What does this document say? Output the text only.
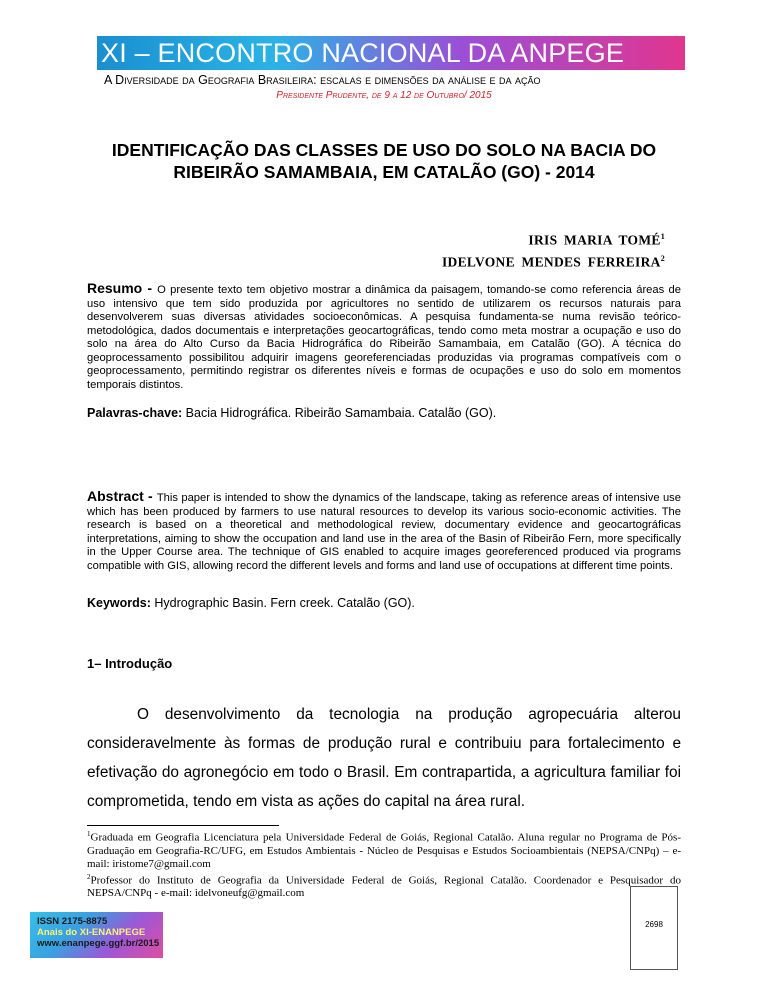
XI – ENCONTRO NACIONAL DA ANPEGE
A Diversidade da Geografia Brasileira: escalas e dimensões da análise e da ação
Presidente Prudente, de 9 a 12 de Outubro/ 2015
IDENTIFICAÇÃO DAS CLASSES DE USO DO SOLO NA BACIA DO
RIBEIRÃO SAMAMBAIA, EM CATALÃO (GO) - 2014
IRIS MARIA TOMÉ$^1$
IDELVONE MENDES FERREIRA$^2$
Resumo - O presente texto tem objetivo mostrar a dinâmica da paisagem, tomando-se como referencia áreas de uso intensivo que tem sido produzida por agricultores no sentido de utilizarem os recursos naturais para desenvolverem suas diversas atividades socioeconômicas. A pesquisa fundamenta-se numa revisão teórico-metodológica, dados documentais e interpretações geocartográficas, tendo como meta mostrar a ocupação e uso do solo na área do Alto Curso da Bacia Hidrográfica do Ribeirão Samambaia, em Catalão (GO). A técnica do geoprocessamento possibilitou adquirir imagens georeferenciadas produzidas via programas compatíveis com o geoprocessamento, permitindo registrar os diferentes níveis e formas de ocupações e uso do solo em momentos temporais distintos.
Palavras-chave: Bacia Hidrográfica. Ribeirão Samambaia. Catalão (GO).
Abstract - This paper is intended to show the dynamics of the landscape, taking as reference areas of intensive use which has been produced by farmers to use natural resources to develop its various socio-economic activities. The research is based on a theoretical and methodological review, documentary evidence and geocartográficas interpretations, aiming to show the occupation and land use in the area of the Basin of Ribeirão Fern, more specifically in the Upper Course area. The technique of GIS enabled to acquire images georeferenced produced via programs compatible with GIS, allowing record the different levels and forms and land use of occupations at different time points.
Keywords: Hydrographic Basin. Fern creek. Catalão (GO).
1– Introdução
O desenvolvimento da tecnologia na produção agropecuária alterou consideravelmente às formas de produção rural e contribuiu para fortalecimento e efetivação do agronegócio em todo o Brasil. Em contrapartida, a agricultura familiar foi comprometida, tendo em vista as ações do capital na área rural.
$^1$Graduada em Geografia Licenciatura pela Universidade Federal de Goiás, Regional Catalão. Aluna regular no Programa de Pós-Graduação em Geografia-RC/UFG, em Estudos Ambientais - Núcleo de Pesquisas e Estudos Socioambientais (NEPSA/CNPq) – e-mail: iristome7@gmail.com
$^2$Professor do Instituto de Geografia da Universidade Federal de Goiás, Regional Catalão. Coordenador e Pesquisador do NEPSA/CNPq - e-mail: idelvoneufg@gmail.com
ISSN 2175-8875
Anais do XI-ENANPEGE
www.enanpege.ggf.br/2015
2698
